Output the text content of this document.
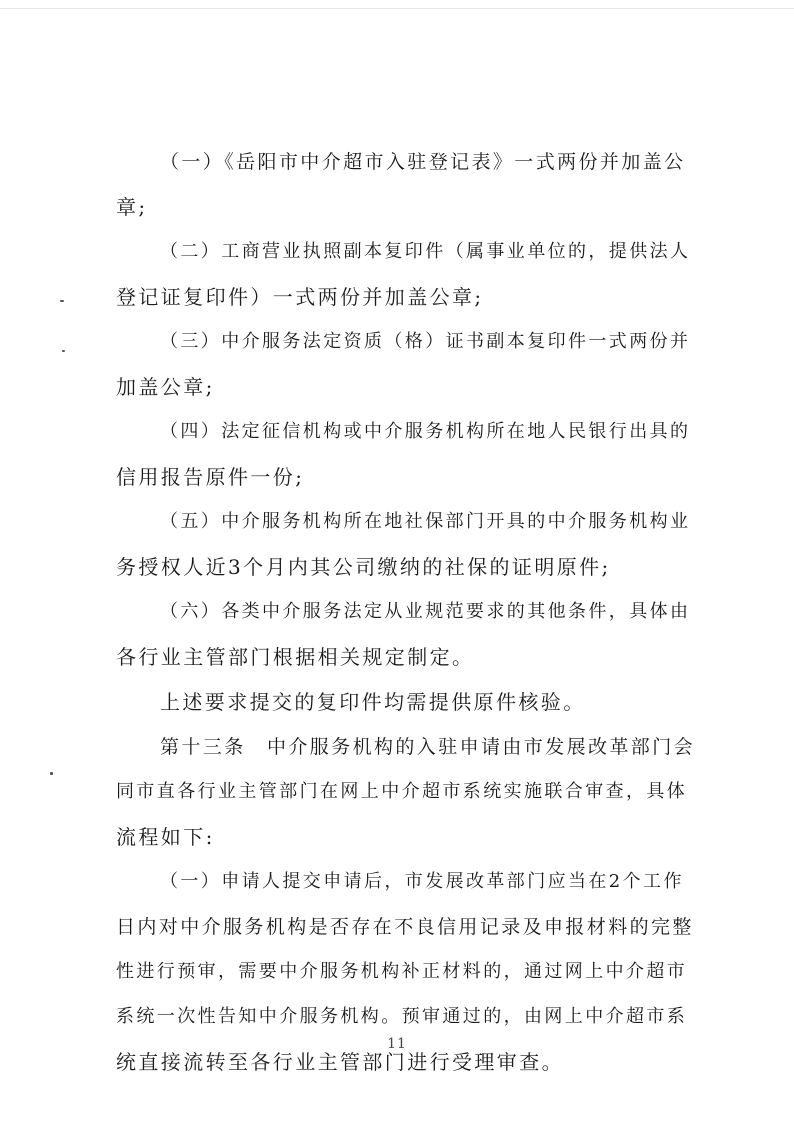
（一）《岳阳市中介超市入驻登记表》一式两份并加盖公
章;
（二）工商营业执照副本复印件（属事业单位的，提供法人
登记证复印件）一式两份并加盖公章;
（三）中介服务法定资质（格）证书副本复印件一式两份并
加盖公章;
（四）法定征信机构或中介服务机构所在地人民银行出具的
信用报告原件一份;
（五）中介服务机构所在地社保部门开具的中介服务机构业
务授权人近3个月内其公司缴纳的社保的证明原件;
（六）各类中介服务法定从业规范要求的其他条件，具体由
各行业主管部门根据相关规定制定。
上述要求提交的复印件均需提供原件核验。
第十三条　中介服务机构的入驻申请由市发展改革部门会
同市直各行业主管部门在网上中介超市系统实施联合审查，具体
流程如下:
（一）申请人提交申请后，市发展改革部门应当在2个工作
日内对中介服务机构是否存在不良信用记录及申报材料的完整
性进行预审，需要中介服务机构补正材料的，通过网上中介超市
系统一次性告知中介服务机构。预审通过的，由网上中介超市系
统直接流转至各行业主管部门进行受理审查。
11
